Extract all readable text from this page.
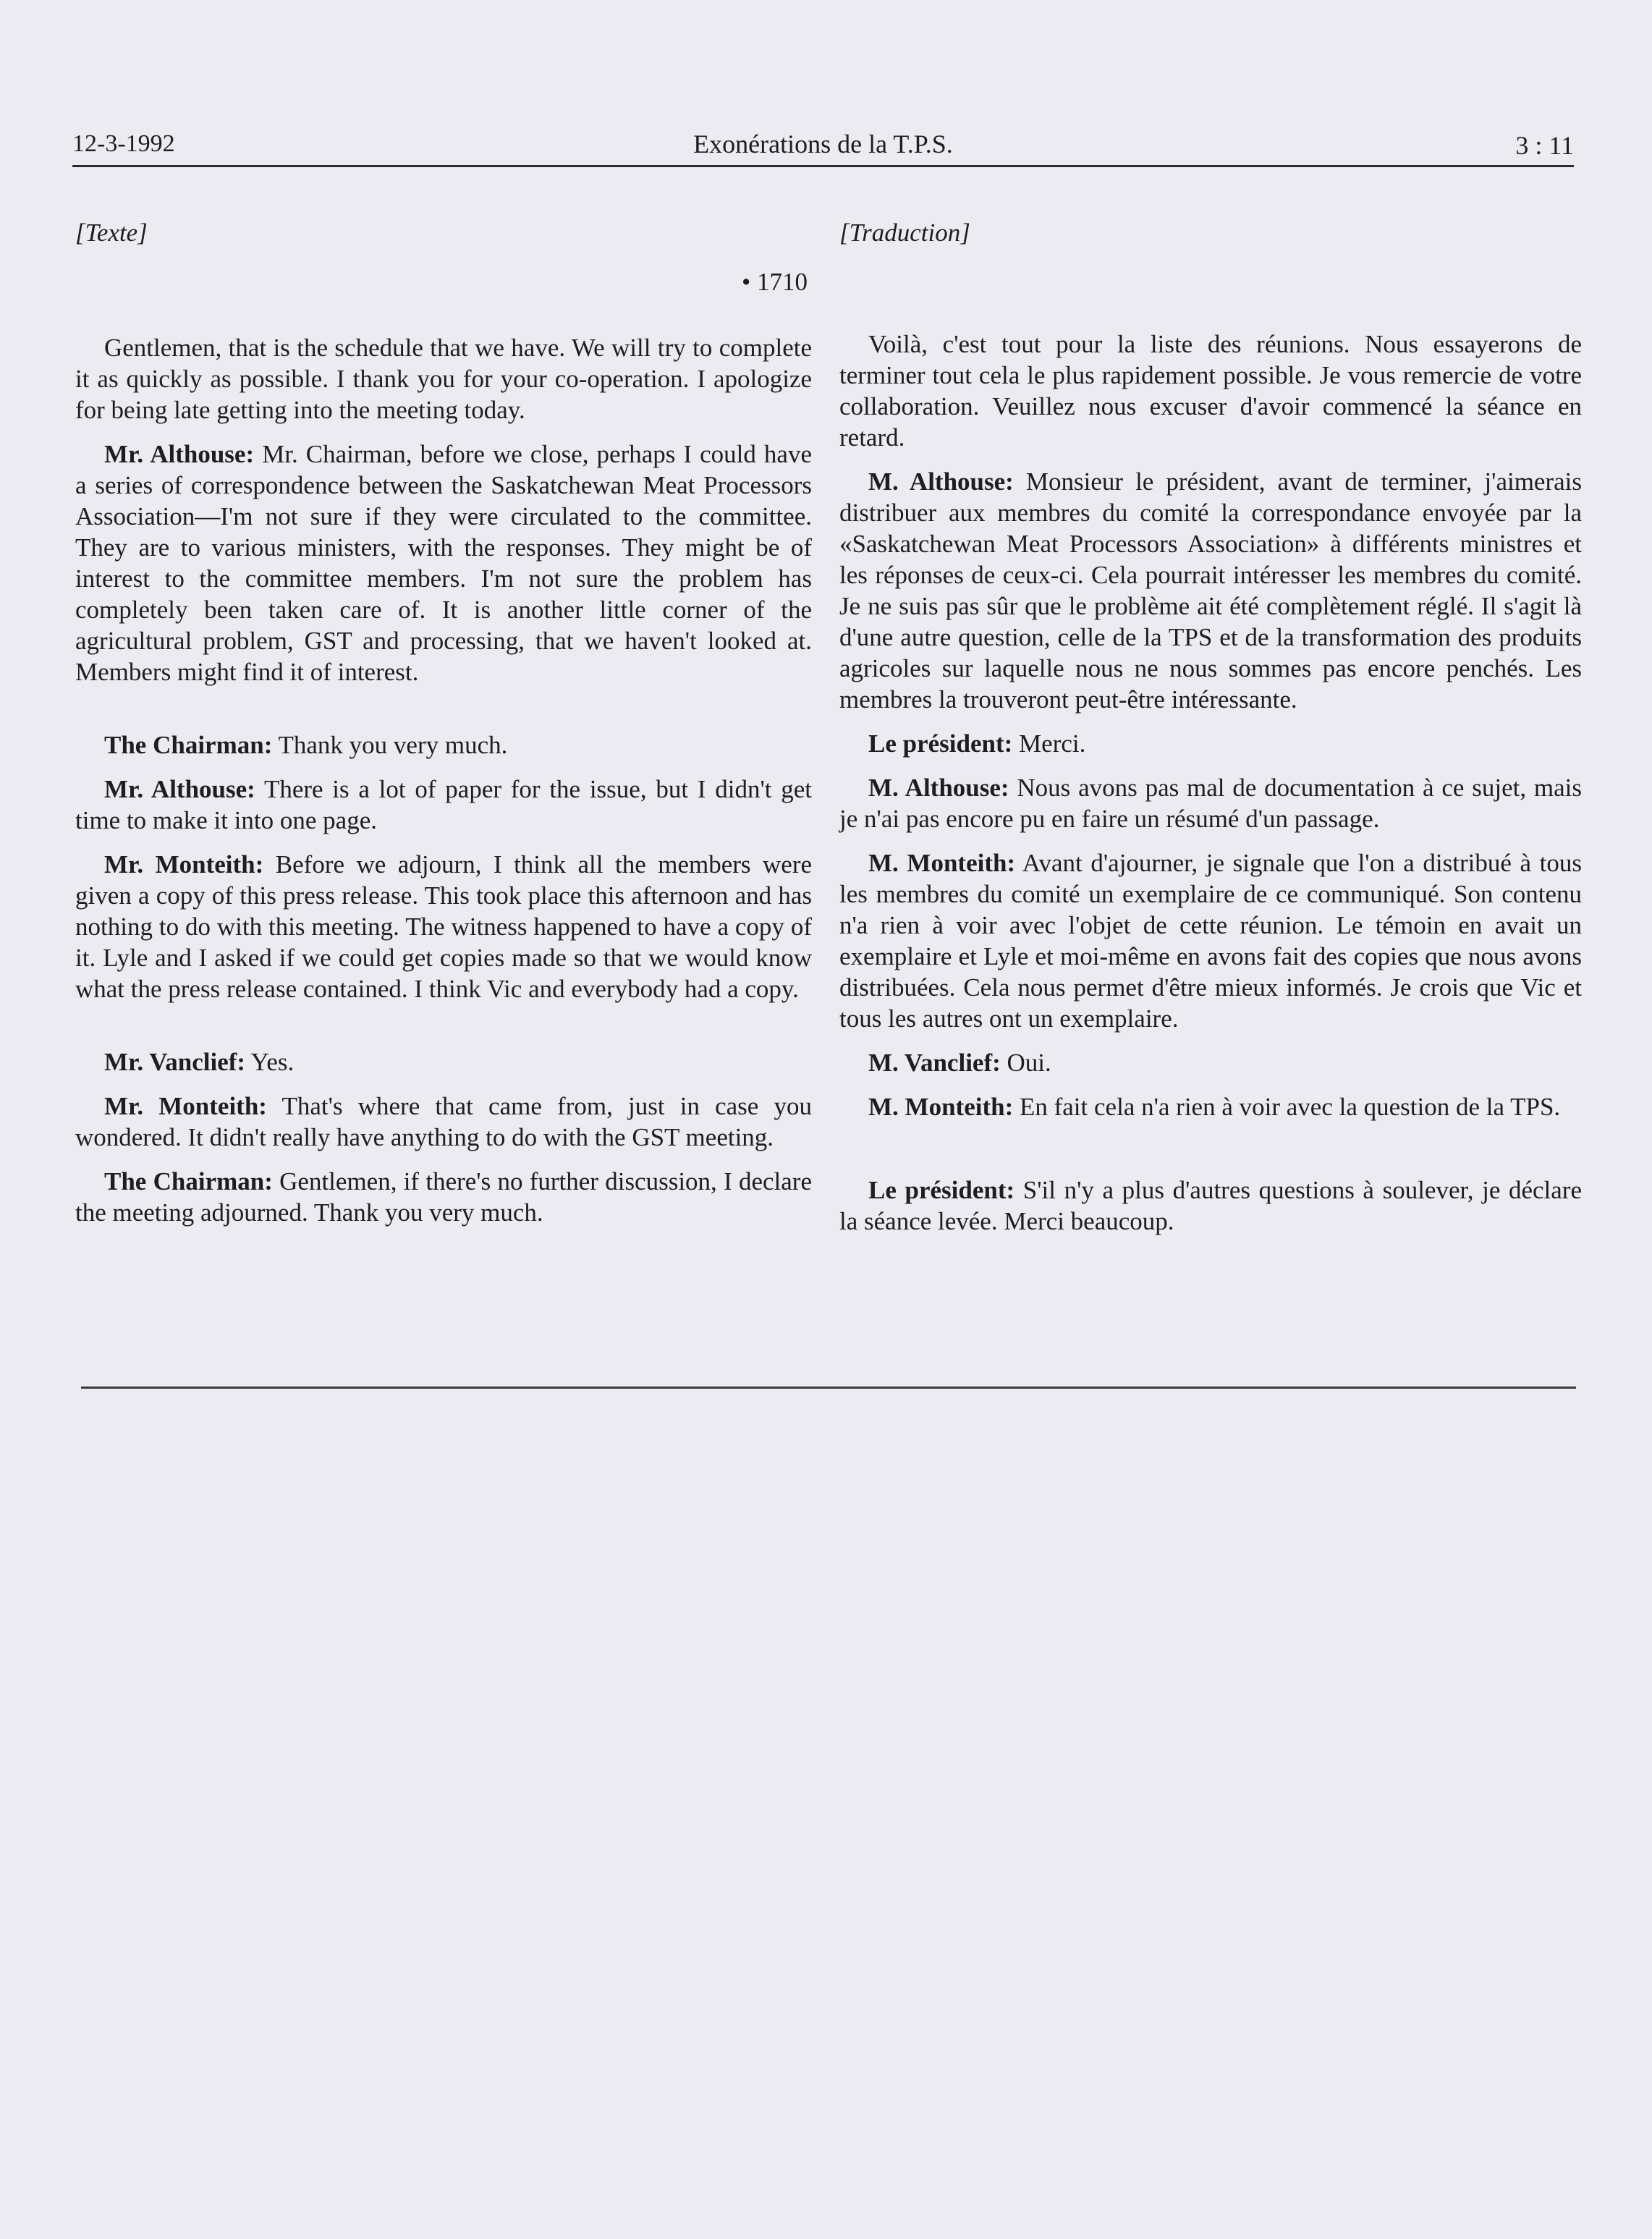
12-3-1992	Exonérations de la T.P.S.	3 : 11
[Texte]
• 1710

Gentlemen, that is the schedule that we have. We will try to complete it as quickly as possible. I thank you for your co-operation. I apologize for being late getting into the meeting today.

Mr. Althouse: Mr. Chairman, before we close, perhaps I could have a series of correspondence between the Saskatchewan Meat Processors Association—I'm not sure if they were circulated to the committee. They are to various ministers, with the responses. They might be of interest to the committee members. I'm not sure the problem has completely been taken care of. It is another little corner of the agricultural problem, GST and processing, that we haven't looked at. Members might find it of interest.

The Chairman: Thank you very much.

Mr. Althouse: There is a lot of paper for the issue, but I didn't get time to make it into one page.

Mr. Monteith: Before we adjourn, I think all the members were given a copy of this press release. This took place this afternoon and has nothing to do with this meeting. The witness happened to have a copy of it. Lyle and I asked if we could get copies made so that we would know what the press release contained. I think Vic and everybody had a copy.

Mr. Vanclief: Yes.

Mr. Monteith: That's where that came from, just in case you wondered. It didn't really have anything to do with the GST meeting.

The Chairman: Gentlemen, if there's no further discussion, I declare the meeting adjourned. Thank you very much.

[Traduction]

Voilà, c'est tout pour la liste des réunions. Nous essayerons de terminer tout cela le plus rapidement possible. Je vous remercie de votre collaboration. Veuillez nous excuser d'avoir commencé la séance en retard.

M. Althouse: Monsieur le président, avant de terminer, j'aimerais distribuer aux membres du comité la correspondance envoyée par la «Saskatchewan Meat Processors Association» à différents ministres et les réponses de ceux-ci. Cela pourrait intéresser les membres du comité. Je ne suis pas sûr que le problème ait été complètement réglé. Il s'agit là d'une autre question, celle de la TPS et de la transformation des produits agricoles sur laquelle nous ne nous sommes pas encore penchés. Les membres la trouveront peut-être intéressante.

Le président: Merci.

M. Althouse: Nous avons pas mal de documentation à ce sujet, mais je n'ai pas encore pu en faire un résumé d'un passage.

M. Monteith: Avant d'ajourner, je signale que l'on a distribué à tous les membres du comité un exemplaire de ce communiqué. Son contenu n'a rien à voir avec l'objet de cette réunion. Le témoin en avait un exemplaire et Lyle et moi-même en avons fait des copies que nous avons distribuées. Cela nous permet d'être mieux informés. Je crois que Vic et tous les autres ont un exemplaire.

M. Vanclief: Oui.

M. Monteith: En fait cela n'a rien à voir avec la question de la TPS.

Le président: S'il n'y a plus d'autres questions à soulever, je déclare la séance levée. Merci beaucoup.
